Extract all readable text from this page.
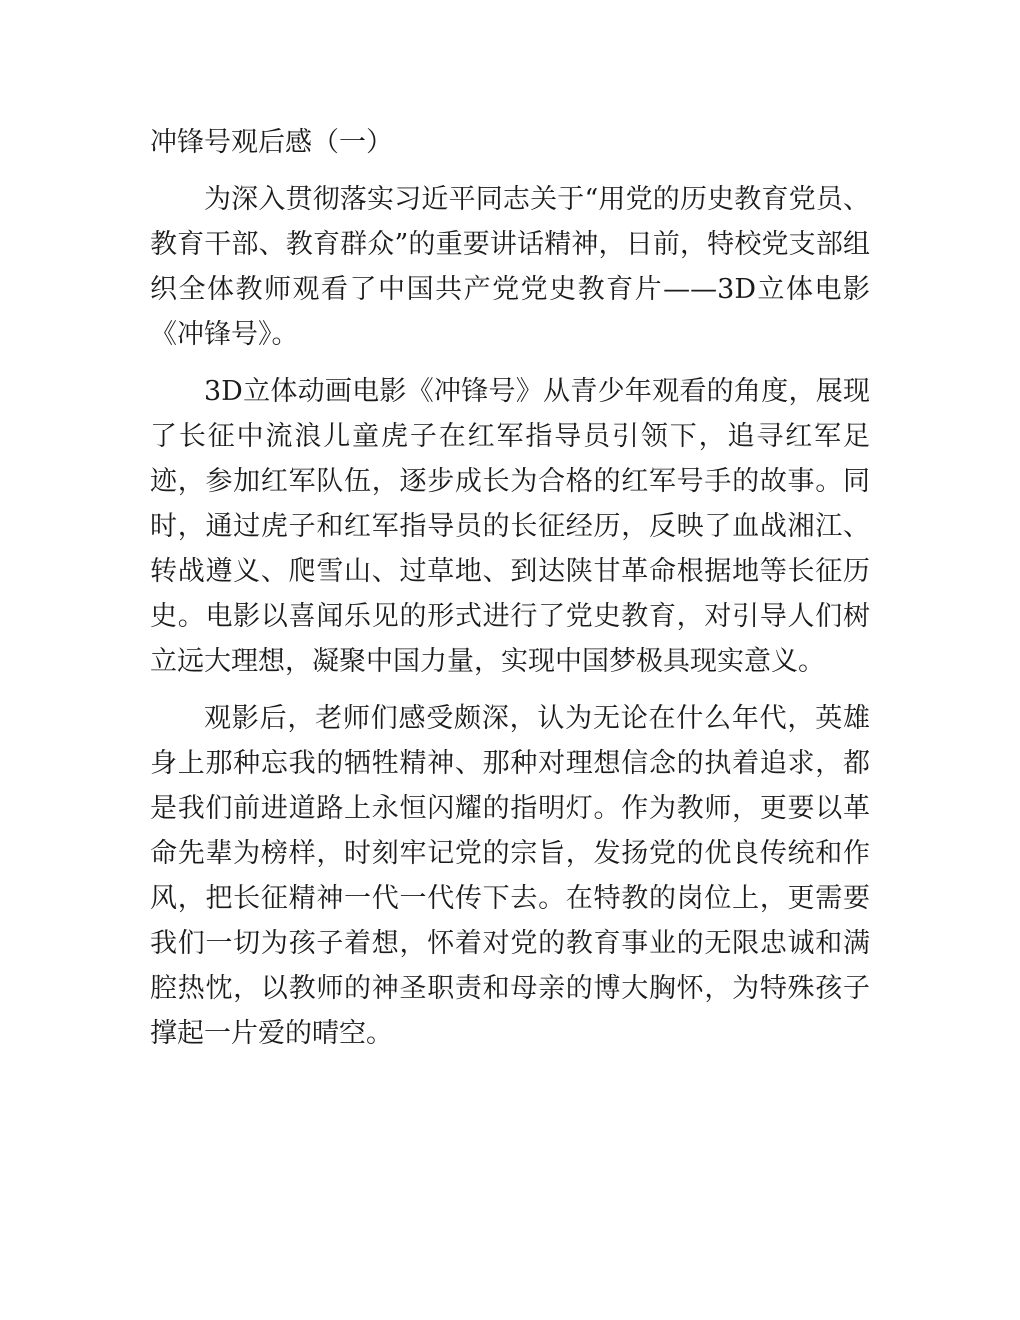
冲锋号观后感（一）

为深入贯彻落实习近平同志关于“用党的历史教育党员、教育干部、教育群众”的重要讲话精神，日前，特校党支部组织全体教师观看了中国共产党党史教育片——3D立体电影《冲锋号》。

3D立体动画电影《冲锋号》从青少年观看的角度，展现了长征中流浪儿童虎子在红军指导员引领下，追寻红军足迹，参加红军队伍，逐步成长为合格的红军号手的故事。同时，通过虎子和红军指导员的长征经历，反映了血战湘江、转战遵义、爬雪山、过草地、到达陕甘革命根据地等长征历史。电影以喜闻乐见的形式进行了党史教育，对引导人们树立远大理想，凝聚中国力量，实现中国梦极具现实意义。

观影后，老师们感受颇深，认为无论在什么年代，英雄身上那种忘我的牺牲精神、那种对理想信念的执着追求，都是我们前进道路上永恒闪耀的指明灯。作为教师，更要以革命先辈为榜样，时刻牢记党的宗旨，发扬党的优良传统和作风，把长征精神一代一代传下去。在特教的岗位上，更需要我们一切为孩子着想，怀着对党的教育事业的无限忠诚和满腔热忱，以教师的神圣职责和母亲的博大胸怀，为特殊孩子撑起一片爱的晴空。
